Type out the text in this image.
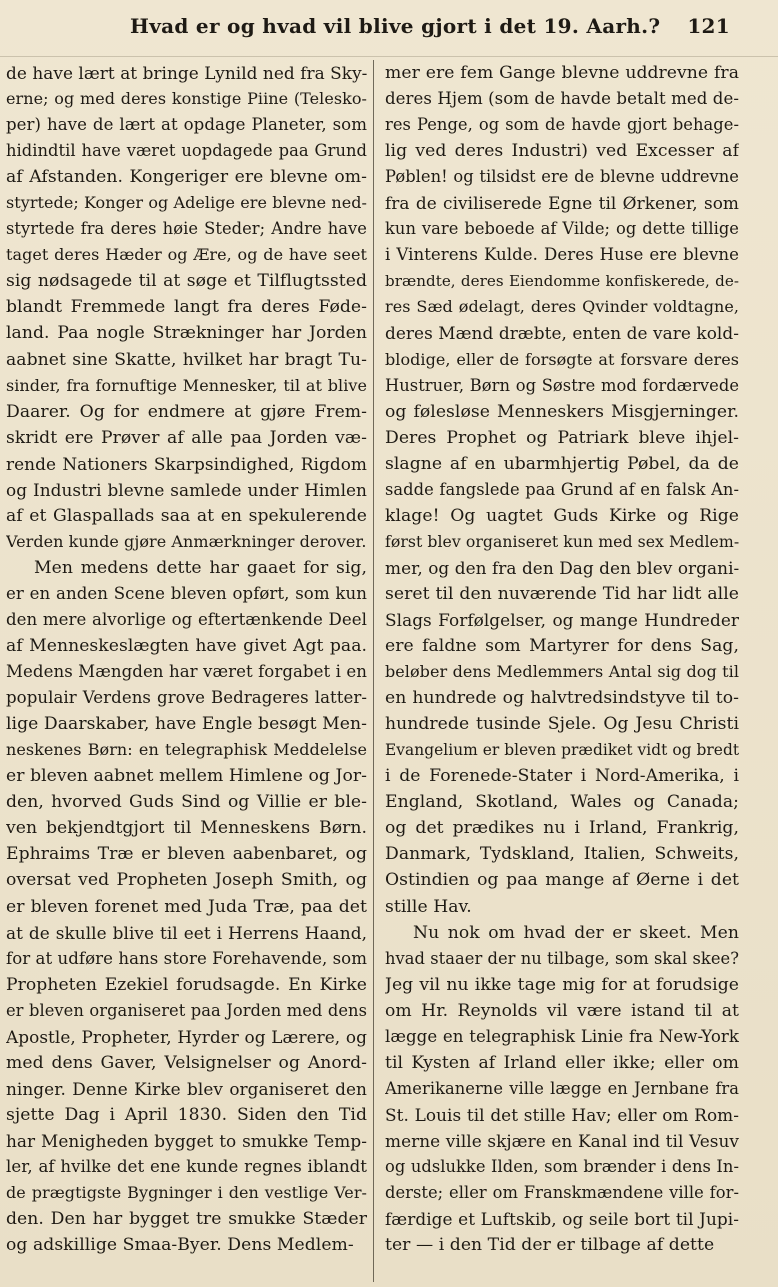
Hvad er og hvad vil blive gjort i det 19. Aarh.? 121
de have lært at bringe Lynild ned fra Sky-
erne; og med deres konstige Piine (Telesko-
per) have de lært at opdage Planeter, som
hidindtil have været uopdagede paa Grund
af Afstanden. Kongeriger ere blevne om-
styrtede; Konger og Adelige ere blevne ned-
styrtede fra deres høie Steder; Andre have
taget deres Hæder og Ære, og de have seet
sig nødsagede til at søge et Tilflugtssted
blandt Fremmede langt fra deres Føde-
land. Paa nogle Strækninger har Jorden
aabnet sine Skatte, hvilket har bragt Tu-
sinder, fra fornuftige Mennesker, til at blive
Daarer. Og for endmere at gjøre Frem-
skridt ere Prøver af alle paa Jorden væ-
rende Nationers Skarpsindighed, Rigdom
og Industri blevne samlede under Himlen
af et Glaspallads saa at en spekulerende
Verden kunde gjøre Anmærkninger derover.
Men medens dette har gaaet for sig,
er en anden Scene bleven opført, som kun
den mere alvorlige og eftertænkende Deel
af Menneskeslægten have givet Agt paa.
Medens Mængden har været forgabet i en
populair Verdens grove Bedrageres latter-
lige Daarskaber, have Engle besøgt Men-
neskenes Børn: en telegraphisk Meddelelse
er bleven aabnet mellem Himlene og Jor-
den, hvorved Guds Sind og Villie er ble-
ven bekjendtgjort til Menneskens Børn.
Ephraims Træ er bleven aabenbaret, og
oversat ved Propheten Joseph Smith, og
er bleven forenet med Juda Træ, paa det
at de skulle blive til eet i Herrens Haand,
for at udføre hans store Forehavende, som
Propheten Ezekiel forudsagde. En Kirke
er bleven organiseret paa Jorden med dens
Apostle, Propheter, Hyrder og Lærere, og
med dens Gaver, Velsignelser og Anord-
ninger. Denne Kirke blev organiseret den
sjette Dag i April 1830. Siden den Tid
har Menigheden bygget to smukke Temp-
ler, af hvilke det ene kunde regnes iblandt
de prægtigste Bygninger i den vestlige Ver-
den. Den har bygget tre smukke Stæder
og adskillige Smaa-Byer. Dens Medlem-
mer ere fem Gange blevne uddrevne fra
deres Hjem (som de havde betalt med de-
res Penge, og som de havde gjort behage-
lig ved deres Industri) ved Excesser af
Pøblen! og tilsidst ere de blevne uddrevne
fra de civiliserede Egne til Ørkener, som
kun vare beboede af Vilde; og dette tillige
i Vinterens Kulde. Deres Huse ere blevne
brændte, deres Eiendomme konfiskerede, de-
res Sæd ødelagt, deres Qvinder voldtagne,
deres Mænd dræbte, enten de vare kold-
blodige, eller de forsøgte at forsvare deres
Hustruer, Børn og Søstre mod fordærvede
og følesløse Menneskers Misgjerninger.
Deres Prophet og Patriark bleve ihjel-
slagne af en ubarmhjertig Pøbel, da de
sadde fangslede paa Grund af en falsk An-
klage! Og uagtet Guds Kirke og Rige
først blev organiseret kun med sex Medlem-
mer, og den fra den Dag den blev organi-
seret til den nuværende Tid har lidt alle
Slags Forfølgelser, og mange Hundreder
ere faldne som Martyrer for dens Sag,
beløber dens Medlemmers Antal sig dog til
en hundrede og halvtredsindstyve til to-
hundrede tusinde Sjele. Og Jesu Christi
Evangelium er bleven prædiket vidt og bredt
i de Forenede-Stater i Nord-Amerika, i
England, Skotland, Wales og Canada;
og det prædikes nu i Irland, Frankrig,
Danmark, Tydskland, Italien, Schweits,
Ostindien og paa mange af Øerne i det
stille Hav.
Nu nok om hvad der er skeet. Men
hvad staaer der nu tilbage, som skal skee?
Jeg vil nu ikke tage mig for at forudsige
om Hr. Reynolds vil være istand til at
lægge en telegraphisk Linie fra New-York
til Kysten af Irland eller ikke; eller om
Amerikanerne ville lægge en Jernbane fra
St. Louis til det stille Hav; eller om Rom-
merne ville skjære en Kanal ind til Vesuv
og udslukke Ilden, som brænder i dens In-
derste; eller om Franskmændene ville for-
færdige et Luftskib, og seile bort til Jupi-
ter — i den Tid der er tilbage af dette
